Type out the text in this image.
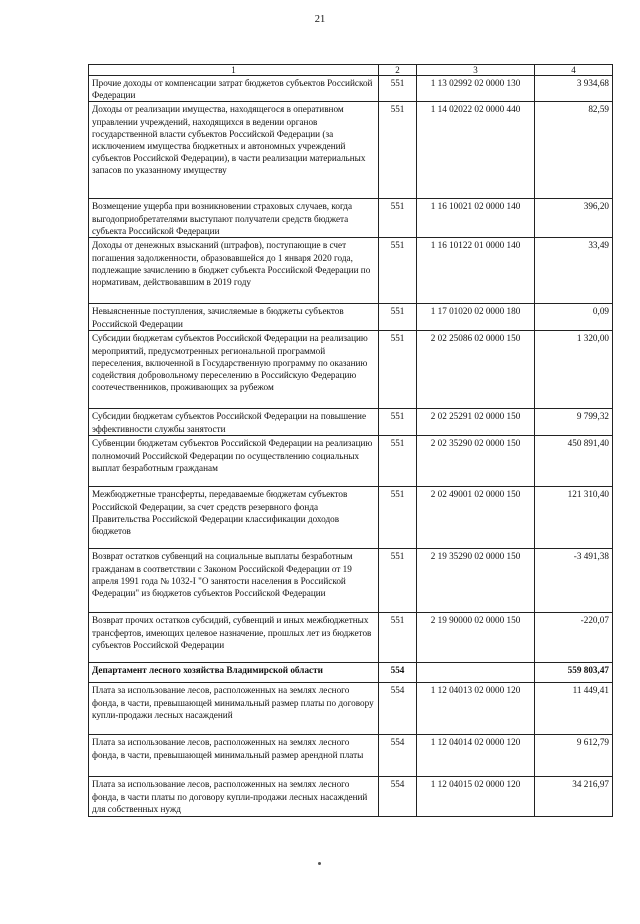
21
1	2	3	4
Прочие доходы от компенсации затрат бюджетов субъектов Российской Федерации	551	1 13 02992 02 0000 130	3 934,68
Доходы от реализации имущества, находящегося в оперативном управлении учреждений, находящихся в ведении органов государственной власти субъектов Российской Федерации (за исключением имущества бюджетных и автономных учреждений субъектов Российской Федерации), в части реализации материальных запасов по указанному имуществу	551	1 14 02022 02 0000 440	82,59
Возмещение ущерба при возникновении страховых случаев, когда выгодоприобретателями выступают получатели средств бюджета субъекта Российской Федерации	551	1 16 10021 02 0000 140	396,20
Доходы от денежных взысканий (штрафов), поступающие в счет погашения задолженности, образовавшейся до 1 января 2020 года, подлежащие зачислению в бюджет субъекта Российской Федерации по нормативам, действовавшим в 2019 году	551	1 16 10122 01 0000 140	33,49
Невыясненные поступления, зачисляемые в бюджеты субъектов Российской Федерации	551	1 17 01020 02 0000 180	0,09
Субсидии бюджетам субъектов Российской Федерации на реализацию мероприятий, предусмотренных региональной программой переселения, включенной в Государственную программу по оказанию содействия добровольному переселению в Российскую Федерацию соотечественников, проживающих за рубежом	551	2 02 25086 02 0000 150	1 320,00
Субсидии бюджетам субъектов Российской Федерации на повышение эффективности службы занятости	551	2 02 25291 02 0000 150	9 799,32
Субвенции бюджетам субъектов Российской Федерации на реализацию полномочий Российской Федерации по осуществлению социальных выплат безработным гражданам	551	2 02 35290 02 0000 150	450 891,40
Межбюджетные трансферты, передаваемые бюджетам субъектов Российской Федерации, за счет средств резервного фонда Правительства Российской Федерации классификации доходов бюджетов	551	2 02 49001 02 0000 150	121 310,40
Возврат остатков субвенций на социальные выплаты безработным гражданам в соответствии с Законом Российской Федерации от 19 апреля 1991 года № 1032-I "О занятости населения в Российской Федерации" из бюджетов субъектов Российской Федерации	551	2 19 35290 02 0000 150	-3 491,38
Возврат прочих остатков субсидий, субвенций и иных межбюджетных трансфертов, имеющих целевое назначение, прошлых лет из бюджетов субъектов Российской Федерации	551	2 19 90000 02 0000 150	-220,07
Департамент лесного хозяйства Владимирской области	554		559 803,47
Плата за использование лесов, расположенных на землях лесного фонда, в части, превышающей минимальный размер платы по договору купли-продажи лесных насаждений	554	1 12 04013 02 0000 120	11 449,41
Плата за использование лесов, расположенных на землях лесного фонда, в части, превышающей минимальный размер арендной платы	554	1 12 04014 02 0000 120	9 612,79
Плата за использование лесов, расположенных на землях лесного фонда, в части платы по договору купли-продажи лесных насаждений для собственных нужд	554	1 12 04015 02 0000 120	34 216,97
